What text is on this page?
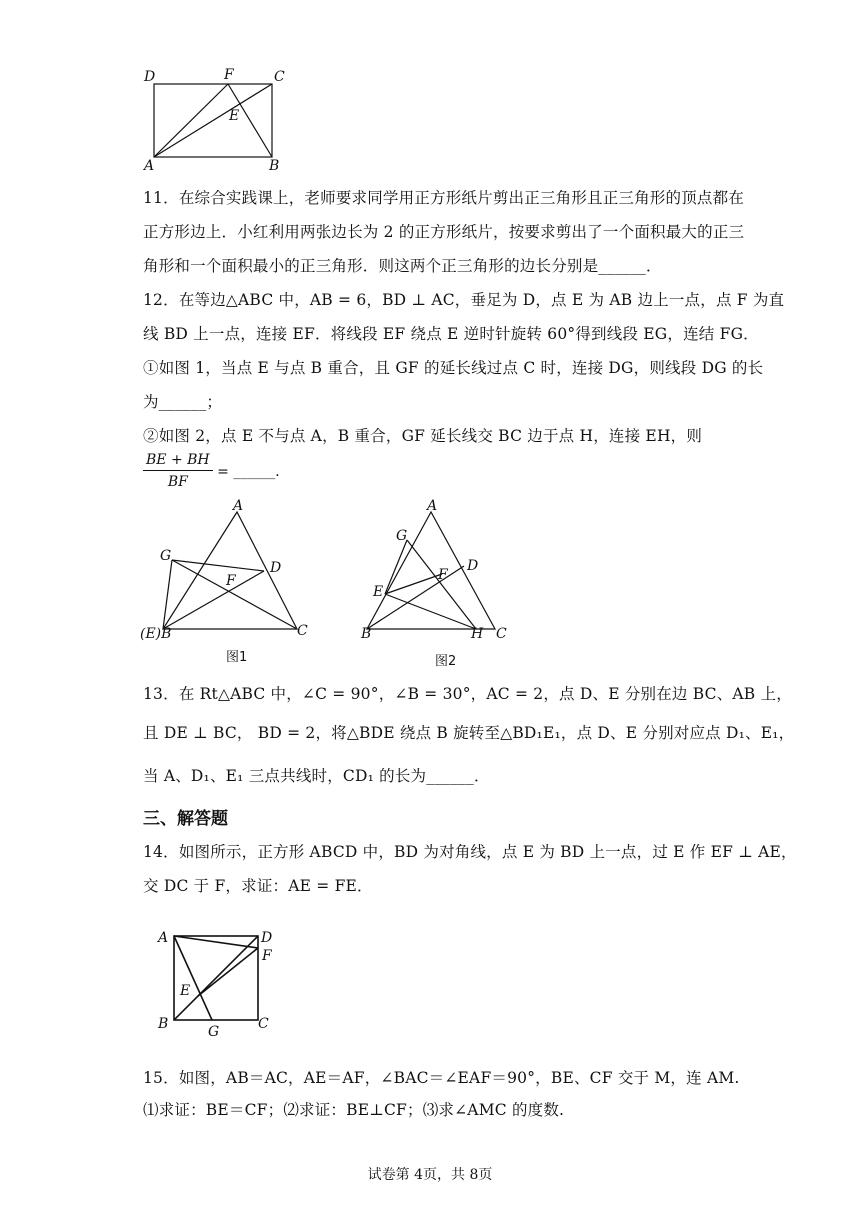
D	F	C
E
A	B
11．在综合实践课上，老师要求同学用正方形纸片剪出正三角形且正三角形的顶点都在
正方形边上．小红利用两张边长为 2 的正方形纸片，按要求剪出了一个面积最大的正三
角形和一个面积最小的正三角形．则这两个正三角形的边长分别是______．
12．在等边△ABC 中，AB = 6，BD ⊥ AC，垂足为 D，点 E 为 AB 边上一点，点 F 为直
线 BD 上一点，连接 EF．将线段 EF 绕点 E 逆时针旋转 60°得到线段 EG，连结 FG．
①如图 1，当点 E 与点 B 重合，且 GF 的延长线过点 C 时，连接 DG，则线段 DG 的长
为______；
②如图 2，点 E 不与点 A，B 重合，GF 延长线交 BC 边于点 H，连接 EH，则
$\frac{BE + BH}{BF}$ = ______．
A
G
D
F
(E)B	C
图1
A
G
D
F
E
B	H C
图2
13．在 Rt△ABC 中，∠C = 90°，∠B = 30°，AC = 2，点 D、E 分别在边 BC、AB 上，
且 DE ⊥ BC， BD = 2，将△BDE 绕点 B 旋转至△BD₁E₁，点 D、E 分别对应点 D₁、E₁，
当 A、D₁、E₁ 三点共线时，CD₁ 的长为______．
三、解答题
14．如图所示，正方形 ABCD 中，BD 为对角线，点 E 为 BD 上一点，过 E 作 EF ⊥ AE，
交 DC 于 F，求证：AE = FE．
A	D
F
E
B	G	C
15．如图，AB＝AC，AE＝AF，∠BAC＝∠EAF＝90°，BE、CF 交于 M，连 AM.
⑴求证：BE＝CF；⑵求证：BE⊥CF；⑶求∠AMC 的度数.
试卷第 4页，共 8页
